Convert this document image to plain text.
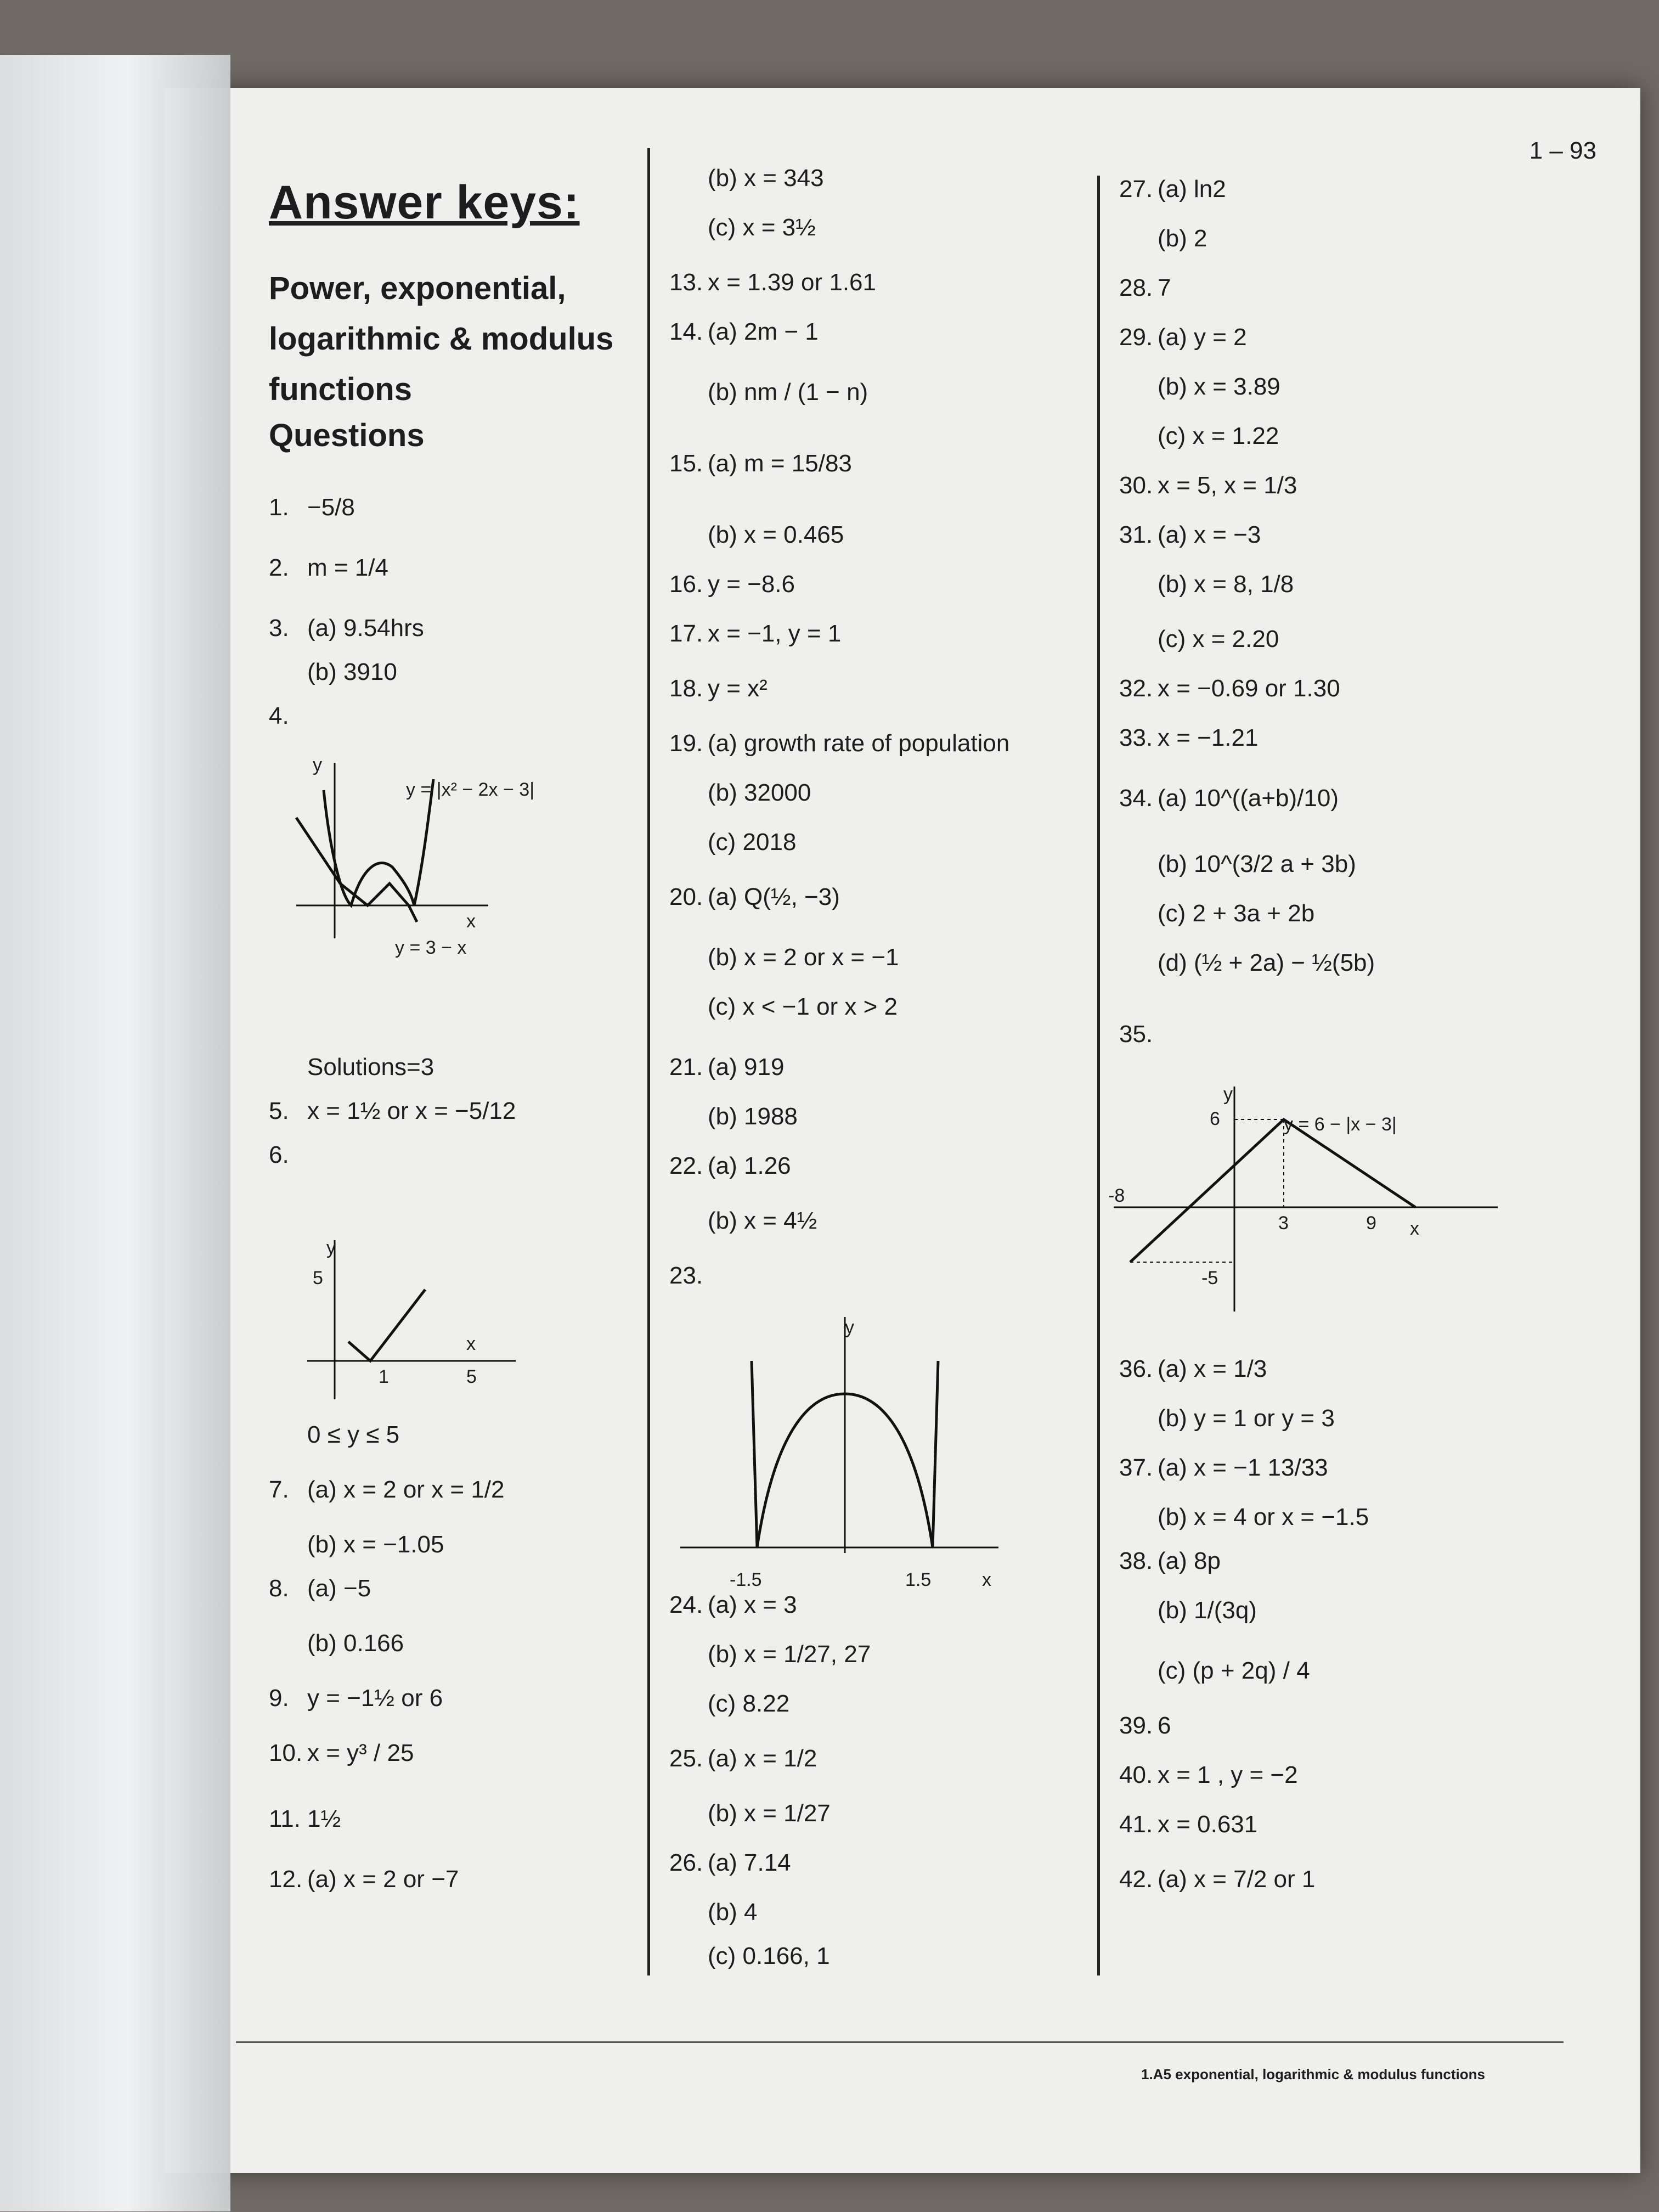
1 – 93
Answer keys:
Power, exponential, logarithmic & modulus functions
Questions
1.A5 exponential, logarithmic & modulus functions
1. −5/8
2. m = 1/4
3. (a) 9.54hrs
(b) 3910
4.
Solutions=3
5. x = 1½ or x = −5/12
6.
0 ≤ y ≤ 5
7. (a) x = 2 or x = 1/2
(b) x = −1.05
8. (a) −5
(b) 0.166
9. y = −1½ or 6
10. x = y³ / 25
11. 1½
12. (a) x = 2 or −7
(b) x = 343
(c) x = 3½
13. x = 1.39 or 1.61
14. (a) 2m − 1
(b) nm / (1 − n)
15. (a) m = 15/83
(b) x = 0.465
16. y = −8.6
17. x = −1, y = 1
18. y = x²
19. (a) growth rate of population
(b) 32000
(c) 2018
20. (a) Q(½, −3)
(b) x = 2 or x = −1
(c) x < −1 or x > 2
21. (a) 919
(b) 1988
22. (a) 1.26
(b) x = 4½
23.
24. (a) x = 3
(b) x = 1/27, 27
(c) 8.22
25. (a) x = 1/2
(b) x = 1/27
26. (a) 7.14
(b) 4
(c) 0.166, 1
27. (a) ln2
(b) 2
28. 7
29. (a) y = 2
(b) x = 3.89
(c) x = 1.22
30. x = 5, x = 1/3
31. (a) x = −3
(b) x = 8, 1/8
(c) x = 2.20
32. x = −0.69 or 1.30
33. x = −1.21
34. (a) 10^((a+b)/10)
(b) 10^(3/2 a + 3b)
(c) 2 + 3a + 2b
(d) (½ + 2a) − ½(5b)
35.
36. (a) x = 1/3
(b) y = 1 or y = 3
37. (a) x = −1 13/33
(b) x = 4 or x = −1.5
38. (a) 8p
(b) 1/(3q)
(c) (p + 2q) / 4
39. 6
40. x = 1 , y = −2
41. x = 0.631
42. (a) x = 7/2 or 1
y
y = |x² − 2x − 3|
x
y = 3 − x
y
5
1	5
x
y
-1.5	1.5	x
y
6	y = 6 − |x − 3|
-8
3	9 x
-5
